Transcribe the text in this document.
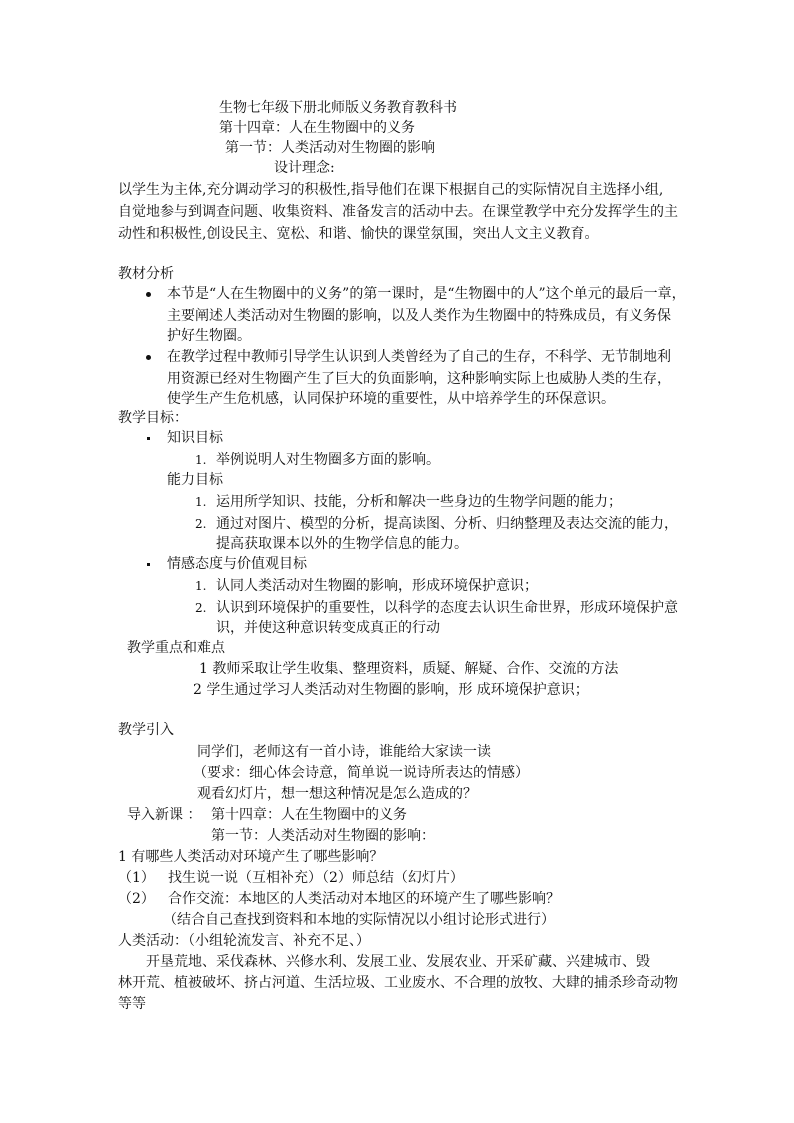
生物七年级下册北师版义务教育教科书
第十四章：人在生物圈中的义务
第一节：人类活动对生物圈的影响
设计理念:
以学生为主体,充分调动学习的积极性,指导他们在课下根据自己的实际情况自主选择小组,
自觉地参与到调查问题、收集资料、准备发言的活动中去。在课堂教学中充分发挥学生的主
动性和积极性,创设民主、宽松、和谐、愉快的课堂氛围，突出人文主义教育。
教材分析
本节是“人在生物圈中的义务”的第一课时，是“生物圈中的人”这个单元的最后一章，
主要阐述人类活动对生物圈的影响，以及人类作为生物圈中的特殊成员，有义务保
护好生物圈。
在教学过程中教师引导学生认识到人类曾经为了自己的生存，不科学、无节制地利
用资源已经对生物圈产生了巨大的负面影响，这种影响实际上也威胁人类的生存，
使学生产生危机感，认同保护环境的重要性，从中培养学生的环保意识。
教学目标：
知识目标
1. 举例说明人对生物圈多方面的影响。
能力目标
1. 运用所学知识、技能，分析和解决一些身边的生物学问题的能力；
2. 通过对图片、模型的分析，提高读图、分析、归纳整理及表达交流的能力，
提高获取课本以外的生物学信息的能力。
情感态度与价值观目标
1. 认同人类活动对生物圈的影响，形成环境保护意识；
2. 认识到环境保护的重要性，以科学的态度去认识生命世界，形成环境保护意
识，并使这种意识转变成真正的行动
教学重点和难点
1 教师采取让学生收集、整理资料，质疑、解疑、合作、交流的方法
2 学生通过学习人类活动对生物圈的影响，形 成环境保护意识；
教学引入
同学们，老师这有一首小诗，谁能给大家读一读
（要求：细心体会诗意，简单说一说诗所表达的情感）
观看幻灯片，想一想这种情况是怎么造成的？
导入新课 ： 第十四章：人在生物圈中的义务
第一节：人类活动对生物圈的影响：
1 有哪些人类活动对环境产生了哪些影响？
（1） 找生说一说（互相补充）（2）师总结（幻灯片）
（2） 合作交流：本地区的人类活动对本地区的环境产生了哪些影响？
（结合自己查找到资料和本地的实际情况以小组讨论形式进行）
人类活动：（小组轮流发言、补充不足、）
开垦荒地、采伐森林、兴修水利、发展工业、发展农业、开采矿藏、兴建城市、毁
林开荒、植被破坏、挤占河道、生活垃圾、工业废水、不合理的放牧、大肆的捕杀珍奇动物
等等
